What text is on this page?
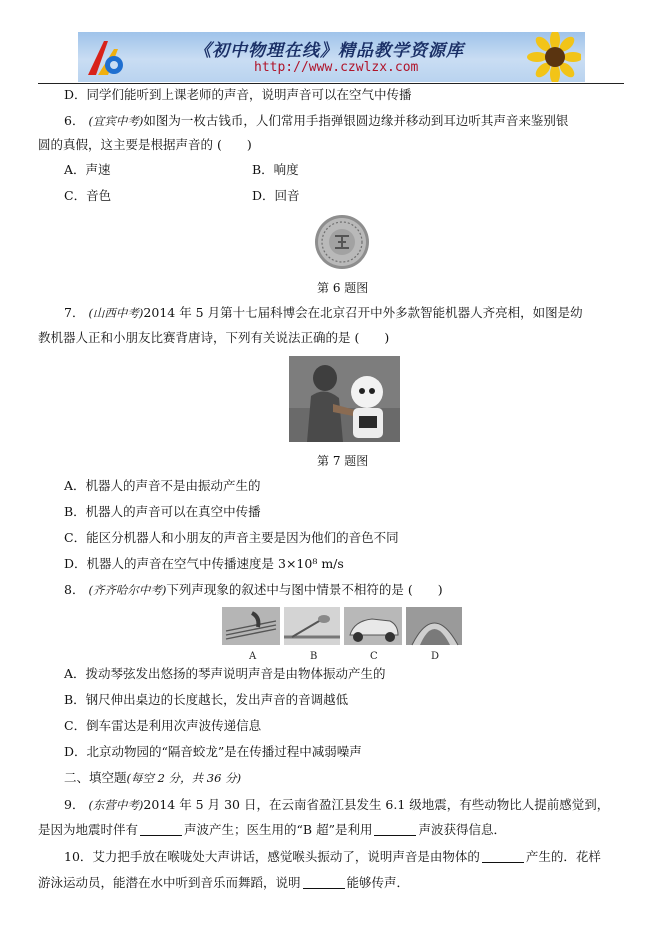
《初中物理在线》精品教学资源库
http://www.czwlzx.com
D．同学们能听到上课老师的声音，说明声音可以在空气中传播
6． (宜宾中考)如图为一枚古钱币，人们常用手指弹银圆边缘并移动到耳边听其声音来鉴别银
圆的真假，这主要是根据声音的 (　　)
A．声速	B．响度
C．音色	D．回音
第 6 题图
7． (山西中考)2014 年 5 月第十七届科博会在北京召开中外多款智能机器人齐亮相，如图是幼
教机器人正和小朋友比赛背唐诗，下列有关说法正确的是 (　　)
第 7 题图
A．机器人的声音不是由振动产生的
B．机器人的声音可以在真空中传播
C．能区分机器人和小朋友的声音主要是因为他们的音色不同
D．机器人的声音在空气中传播速度是 3×10⁸ m/s
8． (齐齐哈尔中考)下列声现象的叙述中与图中情景不相符的是 (　　)
A	B	C	D
A．拨动琴弦发出悠扬的琴声说明声音是由物体振动产生的
B．钢尺伸出桌边的长度越长，发出声音的音调越低
C．倒车雷达是利用次声波传递信息
D．北京动物园的“隔音蛟龙”是在传播过程中减弱噪声
二、填空题(每空 2 分，共 36 分)
9． (东营中考)2014 年 5 月 30 日，在云南省盈江县发生 6.1 级地震，有些动物比人提前感觉到，
是因为地震时伴有	声波产生；医生用的“B 超”是利用	声波获得信息．
10．艾力把手放在喉咙处大声讲话，感觉喉头振动了，说明声音是由物体的	产生的．花样
游泳运动员，能潜在水中听到音乐而舞蹈，说明	能够传声．
